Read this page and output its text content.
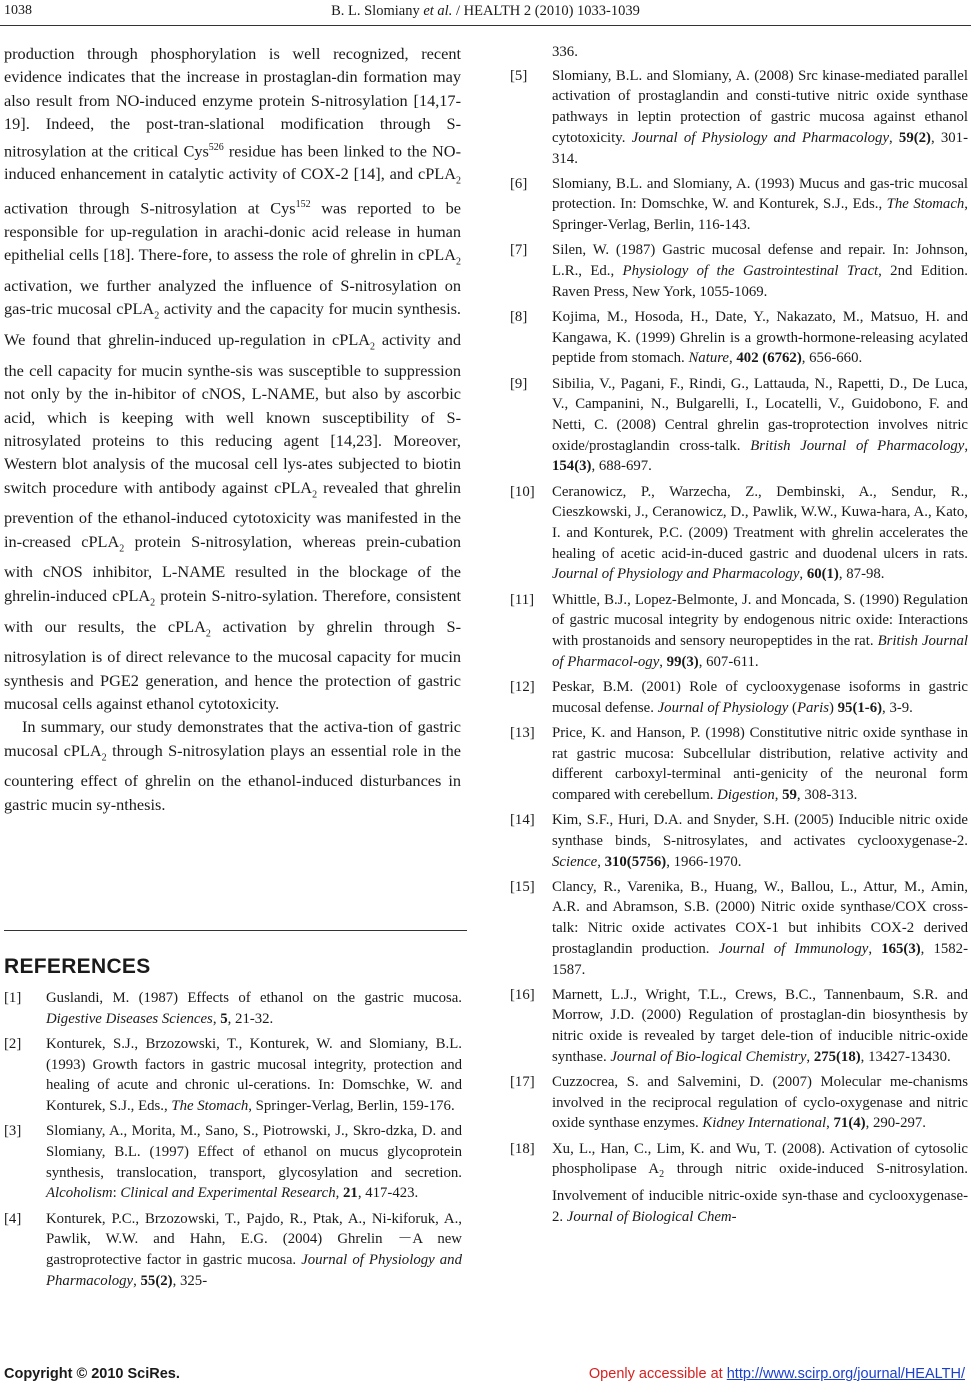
1038	B. L. Slomiany et al. / HEALTH 2 (2010) 1033-1039

production through phosphorylation is well recognized, recent evidence indicates that the increase in prostaglan-din formation may also result from NO-induced enzyme protein S-nitrosylation [14,17-19]. Indeed, the post-tran-slational modification through S-nitrosylation at the critical Cys$^{526}$ residue has been linked to the NO-induced enhancement in catalytic activity of COX-2 [14], and cPLA$_2$ activation through S-nitrosylation at Cys$^{152}$ was reported to be responsible for up-regulation in arachi-donic acid release in human epithelial cells [18]. There-fore, to assess the role of ghrelin in cPLA$_2$ activation, we further analyzed the influence of S-nitrosylation on gas-tric mucosal cPLA$_2$ activity and the capacity for mucin synthesis. We found that ghrelin-induced up-regulation in cPLA$_2$ activity and the cell capacity for mucin synthe-sis was susceptible to suppression not only by the in-hibitor of cNOS, L-NAME, but also by ascorbic acid, which is keeping with well known susceptibility of S-nitrosylated proteins to this reducing agent [14,23]. Moreover, Western blot analysis of the mucosal cell lys-ates subjected to biotin switch procedure with antibody against cPLA$_2$ revealed that ghrelin prevention of the ethanol-induced cytotoxicity was manifested in the in-creased cPLA$_2$ protein S-nitrosylation, whereas prein-cubation with cNOS inhibitor, L-NAME resulted in the blockage of the ghrelin-induced cPLA$_2$ protein S-nitro-sylation. Therefore, consistent with our results, the cPLA$_2$ activation by ghrelin through S-nitrosylation is of direct relevance to the mucosal capacity for mucin synthesis and PGE2 generation, and hence the protection of gastric mucosal cells against ethanol cytotoxicity.

In summary, our study demonstrates that the activa-tion of gastric mucosal cPLA$_2$ through S-nitrosylation plays an essential role in the countering effect of ghrelin on the ethanol-induced disturbances in gastric mucin sy-nthesis.

REFERENCES
[1]	Guslandi, M. (1987) Effects of ethanol on the gastric mucosa. Digestive Diseases Sciences, 5, 21-32.
[2]	Konturek, S.J., Brzozowski, T., Konturek, W. and Slomiany, B.L. (1993) Growth factors in gastric mucosal integrity, protection and healing of acute and chronic ul-cerations. In: Domschke, W. and Konturek, S.J., Eds., The Stomach, Springer-Verlag, Berlin, 159-176.
[3]	Slomiany, A., Morita, M., Sano, S., Piotrowski, J., Skro-dzka, D. and Slomiany, B.L. (1997) Effect of ethanol on mucus glycoprotein synthesis, translocation, transport, glycosylation and secretion. Alcoholism: Clinical and Experimental Research, 21, 417-423.
[4]	Konturek, P.C., Brzozowski, T., Pajdo, R., Ptak, A., Ni-kiforuk, A., Pawlik, W.W. and Hahn, E.G. (2004) Ghrelin －A new gastroprotective factor in gastric mucosa. Journal of Physiology and Pharmacology, 55(2), 325-
336.
[5]	Slomiany, B.L. and Slomiany, A. (2008) Src kinase-mediated parallel activation of prostaglandin and consti-tutive nitric oxide synthase pathways in leptin protection of gastric mucosa against ethanol cytotoxicity. Journal of Physiology and Pharmacology, 59(2), 301-314.
[6]	Slomiany, B.L. and Slomiany, A. (1993) Mucus and gas-tric mucosal protection. In: Domschke, W. and Konturek, S.J., Eds., The Stomach, Springer-Verlag, Berlin, 116-143.
[7]	Silen, W. (1987) Gastric mucosal defense and repair. In: Johnson, L.R., Ed., Physiology of the Gastrointestinal Tract, 2nd Edition. Raven Press, New York, 1055-1069.
[8]	Kojima, M., Hosoda, H., Date, Y., Nakazato, M., Matsuo, H. and Kangawa, K. (1999) Ghrelin is a growth-hormone-releasing acylated peptide from stomach. Nature, 402 (6762), 656-660.
[9]	Sibilia, V., Pagani, F., Rindi, G., Lattauda, N., Rapetti, D., De Luca, V., Campanini, N., Bulgarelli, I., Locatelli, V., Guidobono, F. and Netti, C. (2008) Central ghrelin gas-troprotection involves nitric oxide/prostaglandin cross-talk. British Journal of Pharmacology, 154(3), 688-697.
[10]	Ceranowicz, P., Warzecha, Z., Dembinski, A., Sendur, R., Cieszkowski, J., Ceranowicz, D., Pawlik, W.W., Kuwa-hara, A., Kato, I. and Konturek, P.C. (2009) Treatment with ghrelin accelerates the healing of acetic acid-in-duced gastric and duodenal ulcers in rats. Journal of Physiology and Pharmacology, 60(1), 87-98.
[11]	Whittle, B.J., Lopez-Belmonte, J. and Moncada, S. (1990) Regulation of gastric mucosal integrity by endogenous nitric oxide: Interactions with prostanoids and sensory neuropeptides in the rat. British Journal of Pharmacol-ogy, 99(3), 607-611.
[12]	Peskar, B.M. (2001) Role of cyclooxygenase isoforms in gastric mucosal defense. Journal of Physiology (Paris) 95(1-6), 3-9.
[13]	Price, K. and Hanson, P. (1998) Constitutive nitric oxide synthase in rat gastric mucosa: Subcellular distribution, relative activity and different carboxyl-terminal anti-genicity of the neuronal form compared with cerebellum. Digestion, 59, 308-313.
[14]	Kim, S.F., Huri, D.A. and Snyder, S.H. (2005) Inducible nitric oxide synthase binds, S-nitrosylates, and activates cyclooxygenase-2. Science, 310(5756), 1966-1970.
[15]	Clancy, R., Varenika, B., Huang, W., Ballou, L., Attur, M., Amin, A.R. and Abramson, S.B. (2000) Nitric oxide synthase/COX cross-talk: Nitric oxide activates COX-1 but inhibits COX-2 derived prostaglandin production. Journal of Immunology, 165(3), 1582-1587.
[16]	Marnett, L.J., Wright, T.L., Crews, B.C., Tannenbaum, S.R. and Morrow, J.D. (2000) Regulation of prostaglan-din biosynthesis by nitric oxide is revealed by target dele-tion of inducible nitric-oxide synthase. Journal of Bio-logical Chemistry, 275(18), 13427-13430.
[17]	Cuzzocrea, S. and Salvemini, D. (2007) Molecular me-chanisms involved in the reciprocal regulation of cyclo-oxygenase and nitric oxide synthase enzymes. Kidney International, 71(4), 290-297.
[18]	Xu, L., Han, C., Lim, K. and Wu, T. (2008). Activation of cytosolic phospholipase $A_2$ through nitric oxide-induced S-nitrosylation. Involvement of inducible nitric-oxide syn-thase and cyclooxygenase-2. Journal of Biological Chem-
Copyright © 2010 SciRes.	Openly accessible at http://www.scirp.org/journal/HEALTH/
